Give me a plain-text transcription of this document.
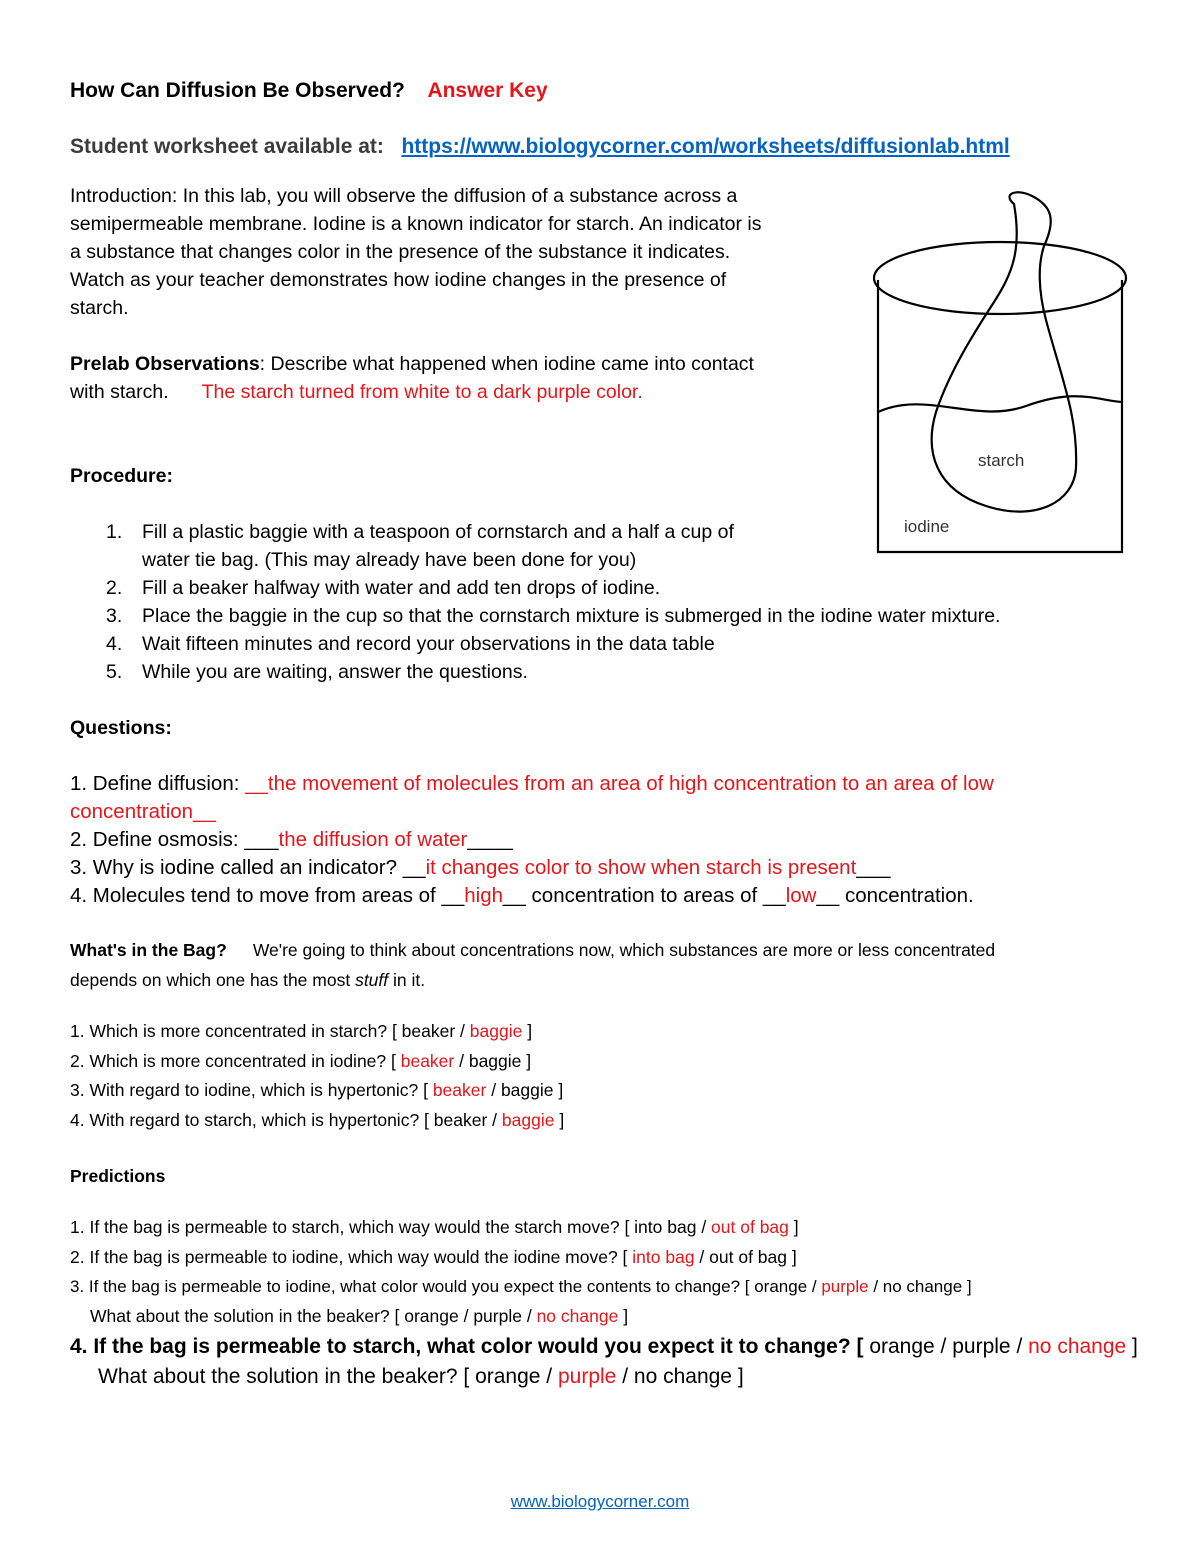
How Can Diffusion Be Observed? Answer Key
Student worksheet available at: https://www.biologycorner.com/worksheets/diffusionlab.html
Introduction: In this lab, you will observe the diffusion of a substance across a
semipermeable membrane. Iodine is a known indicator for starch. An indicator is
a substance that changes color in the presence of the substance it indicates.
Watch as your teacher demonstrates how iodine changes in the presence of
starch.
Prelab Observations: Describe what happened when iodine came into contact
with starch. The starch turned from white to a dark purple color.
Procedure:
1. Fill a plastic baggie with a teaspoon of cornstarch and a half a cup of
water tie bag. (This may already have been done for you)
2. Fill a beaker halfway with water and add ten drops of iodine.
3. Place the baggie in the cup so that the cornstarch mixture is submerged in the iodine water mixture.
4. Wait fifteen minutes and record your observations in the data table
5. While you are waiting, answer the questions.
Questions:
1. Define diffusion: __the movement of molecules from an area of high concentration to an area of low
concentration__
2. Define osmosis: ___the diffusion of water____
3. Why is iodine called an indicator? __it changes color to show when starch is present___
4. Molecules tend to move from areas of __high__ concentration to areas of __low__ concentration.
What's in the Bag? We're going to think about concentrations now, which substances are more or less concentrated
depends on which one has the most stuff in it.
1. Which is more concentrated in starch? [ beaker / baggie ]
2. Which is more concentrated in iodine? [ beaker / baggie ]
3. With regard to iodine, which is hypertonic? [ beaker / baggie ]
4. With regard to starch, which is hypertonic? [ beaker / baggie ]
Predictions
1. If the bag is permeable to starch, which way would the starch move? [ into bag / out of bag ]
2. If the bag is permeable to iodine, which way would the iodine move? [ into bag / out of bag ]
3. If the bag is permeable to iodine, what color would you expect the contents to change? [ orange / purple / no change ]
What about the solution in the beaker? [ orange / purple / no change ]
4. If the bag is permeable to starch, what color would you expect it to change? [ orange / purple / no change ]
What about the solution in the beaker? [ orange / purple / no change ]
starch
iodine
www.biologycorner.com
